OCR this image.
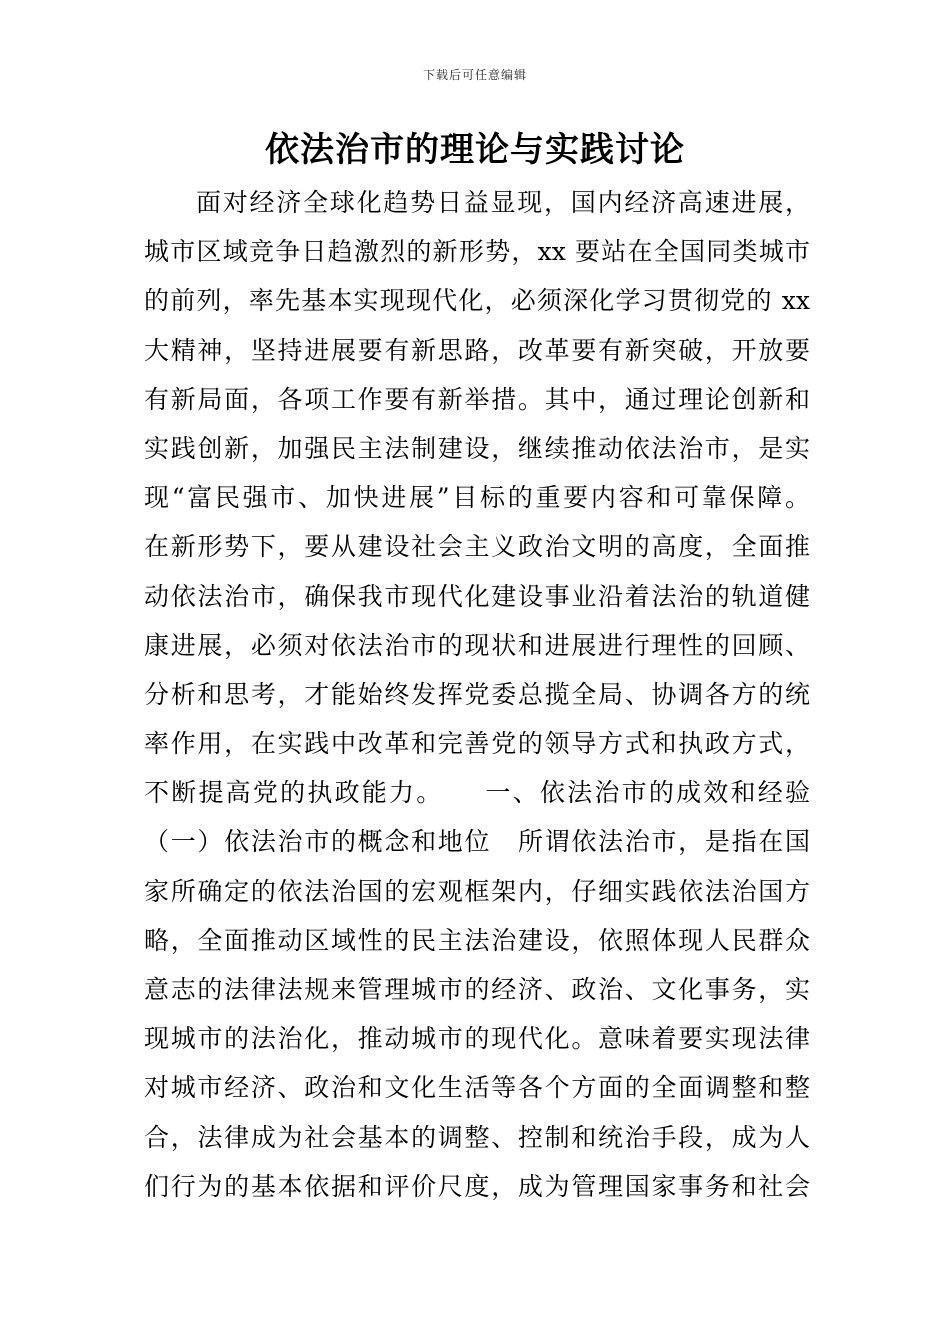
下载后可任意编辑
依法治市的理论与实践讨论
面对经济全球化趋势日益显现，国内经济高速进展，
城市区域竞争日趋激烈的新形势，xx 要站在全国同类城市
的前列，率先基本实现现代化，必须深化学习贯彻党的 xx
大精神，坚持进展要有新思路，改革要有新突破，开放要
有新局面，各项工作要有新举措。其中，通过理论创新和
实践创新，加强民主法制建设，继续推动依法治市，是实
现“富民强市、加快进展”目标的重要内容和可靠保障。
在新形势下，要从建设社会主义政治文明的高度，全面推
动依法治市，确保我市现代化建设事业沿着法治的轨道健
康进展，必须对依法治市的现状和进展进行理性的回顾、
分析和思考，才能始终发挥党委总揽全局、协调各方的统
率作用，在实践中改革和完善党的领导方式和执政方式，
不断提高党的执政能力。　　一、依法治市的成效和经验
（一）依法治市的概念和地位　所谓依法治市，是指在国
家所确定的依法治国的宏观框架内，仔细实践依法治国方
略，全面推动区域性的民主法治建设，依照体现人民群众
意志的法律法规来管理城市的经济、政治、文化事务，实
现城市的法治化，推动城市的现代化。意味着要实现法律
对城市经济、政治和文化生活等各个方面的全面调整和整
合，法律成为社会基本的调整、控制和统治手段，成为人
们行为的基本依据和评价尺度，成为管理国家事务和社会
